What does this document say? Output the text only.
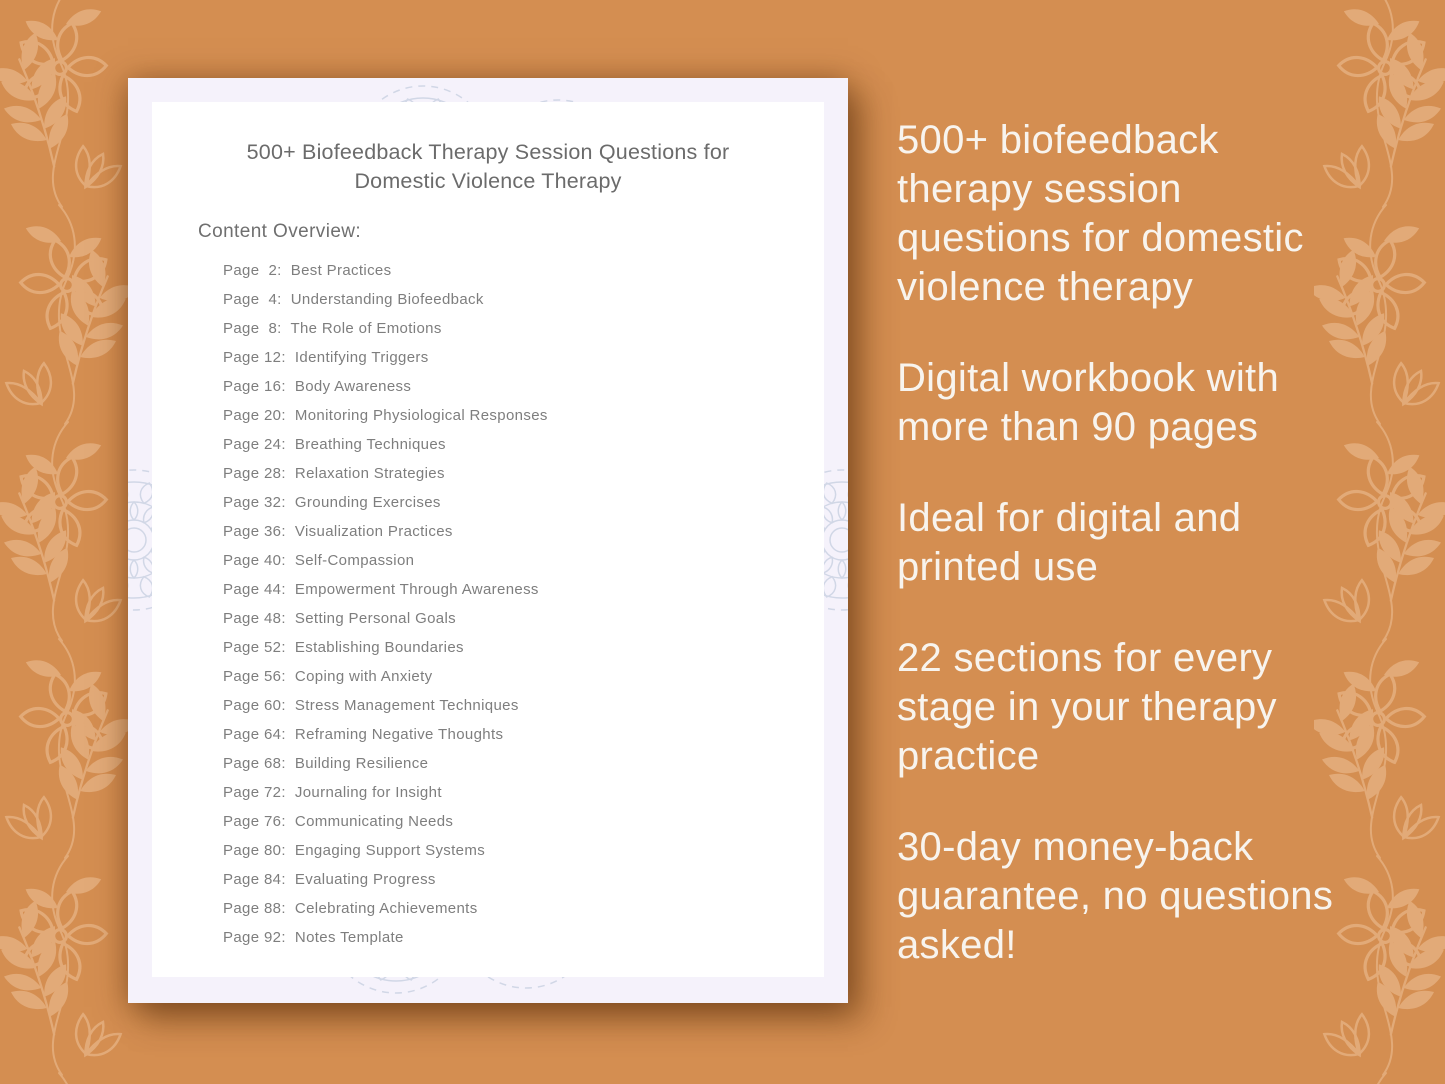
500+ Biofeedback Therapy Session Questions for Domestic Violence Therapy
Content Overview:
Page  2:  Best Practices
Page  4:  Understanding Biofeedback
Page  8:  The Role of Emotions
Page 12:  Identifying Triggers
Page 16:  Body Awareness
Page 20:  Monitoring Physiological Responses
Page 24:  Breathing Techniques
Page 28:  Relaxation Strategies
Page 32:  Grounding Exercises
Page 36:  Visualization Practices
Page 40:  Self-Compassion
Page 44:  Empowerment Through Awareness
Page 48:  Setting Personal Goals
Page 52:  Establishing Boundaries
Page 56:  Coping with Anxiety
Page 60:  Stress Management Techniques
Page 64:  Reframing Negative Thoughts
Page 68:  Building Resilience
Page 72:  Journaling for Insight
Page 76:  Communicating Needs
Page 80:  Engaging Support Systems
Page 84:  Evaluating Progress
Page 88:  Celebrating Achievements
Page 92:  Notes Template

500+ biofeedback therapy session questions for domestic violence therapy

Digital workbook with more than 90 pages

Ideal for digital and printed use

22 sections for every stage in your therapy practice

30-day money-back guarantee, no questions asked!
